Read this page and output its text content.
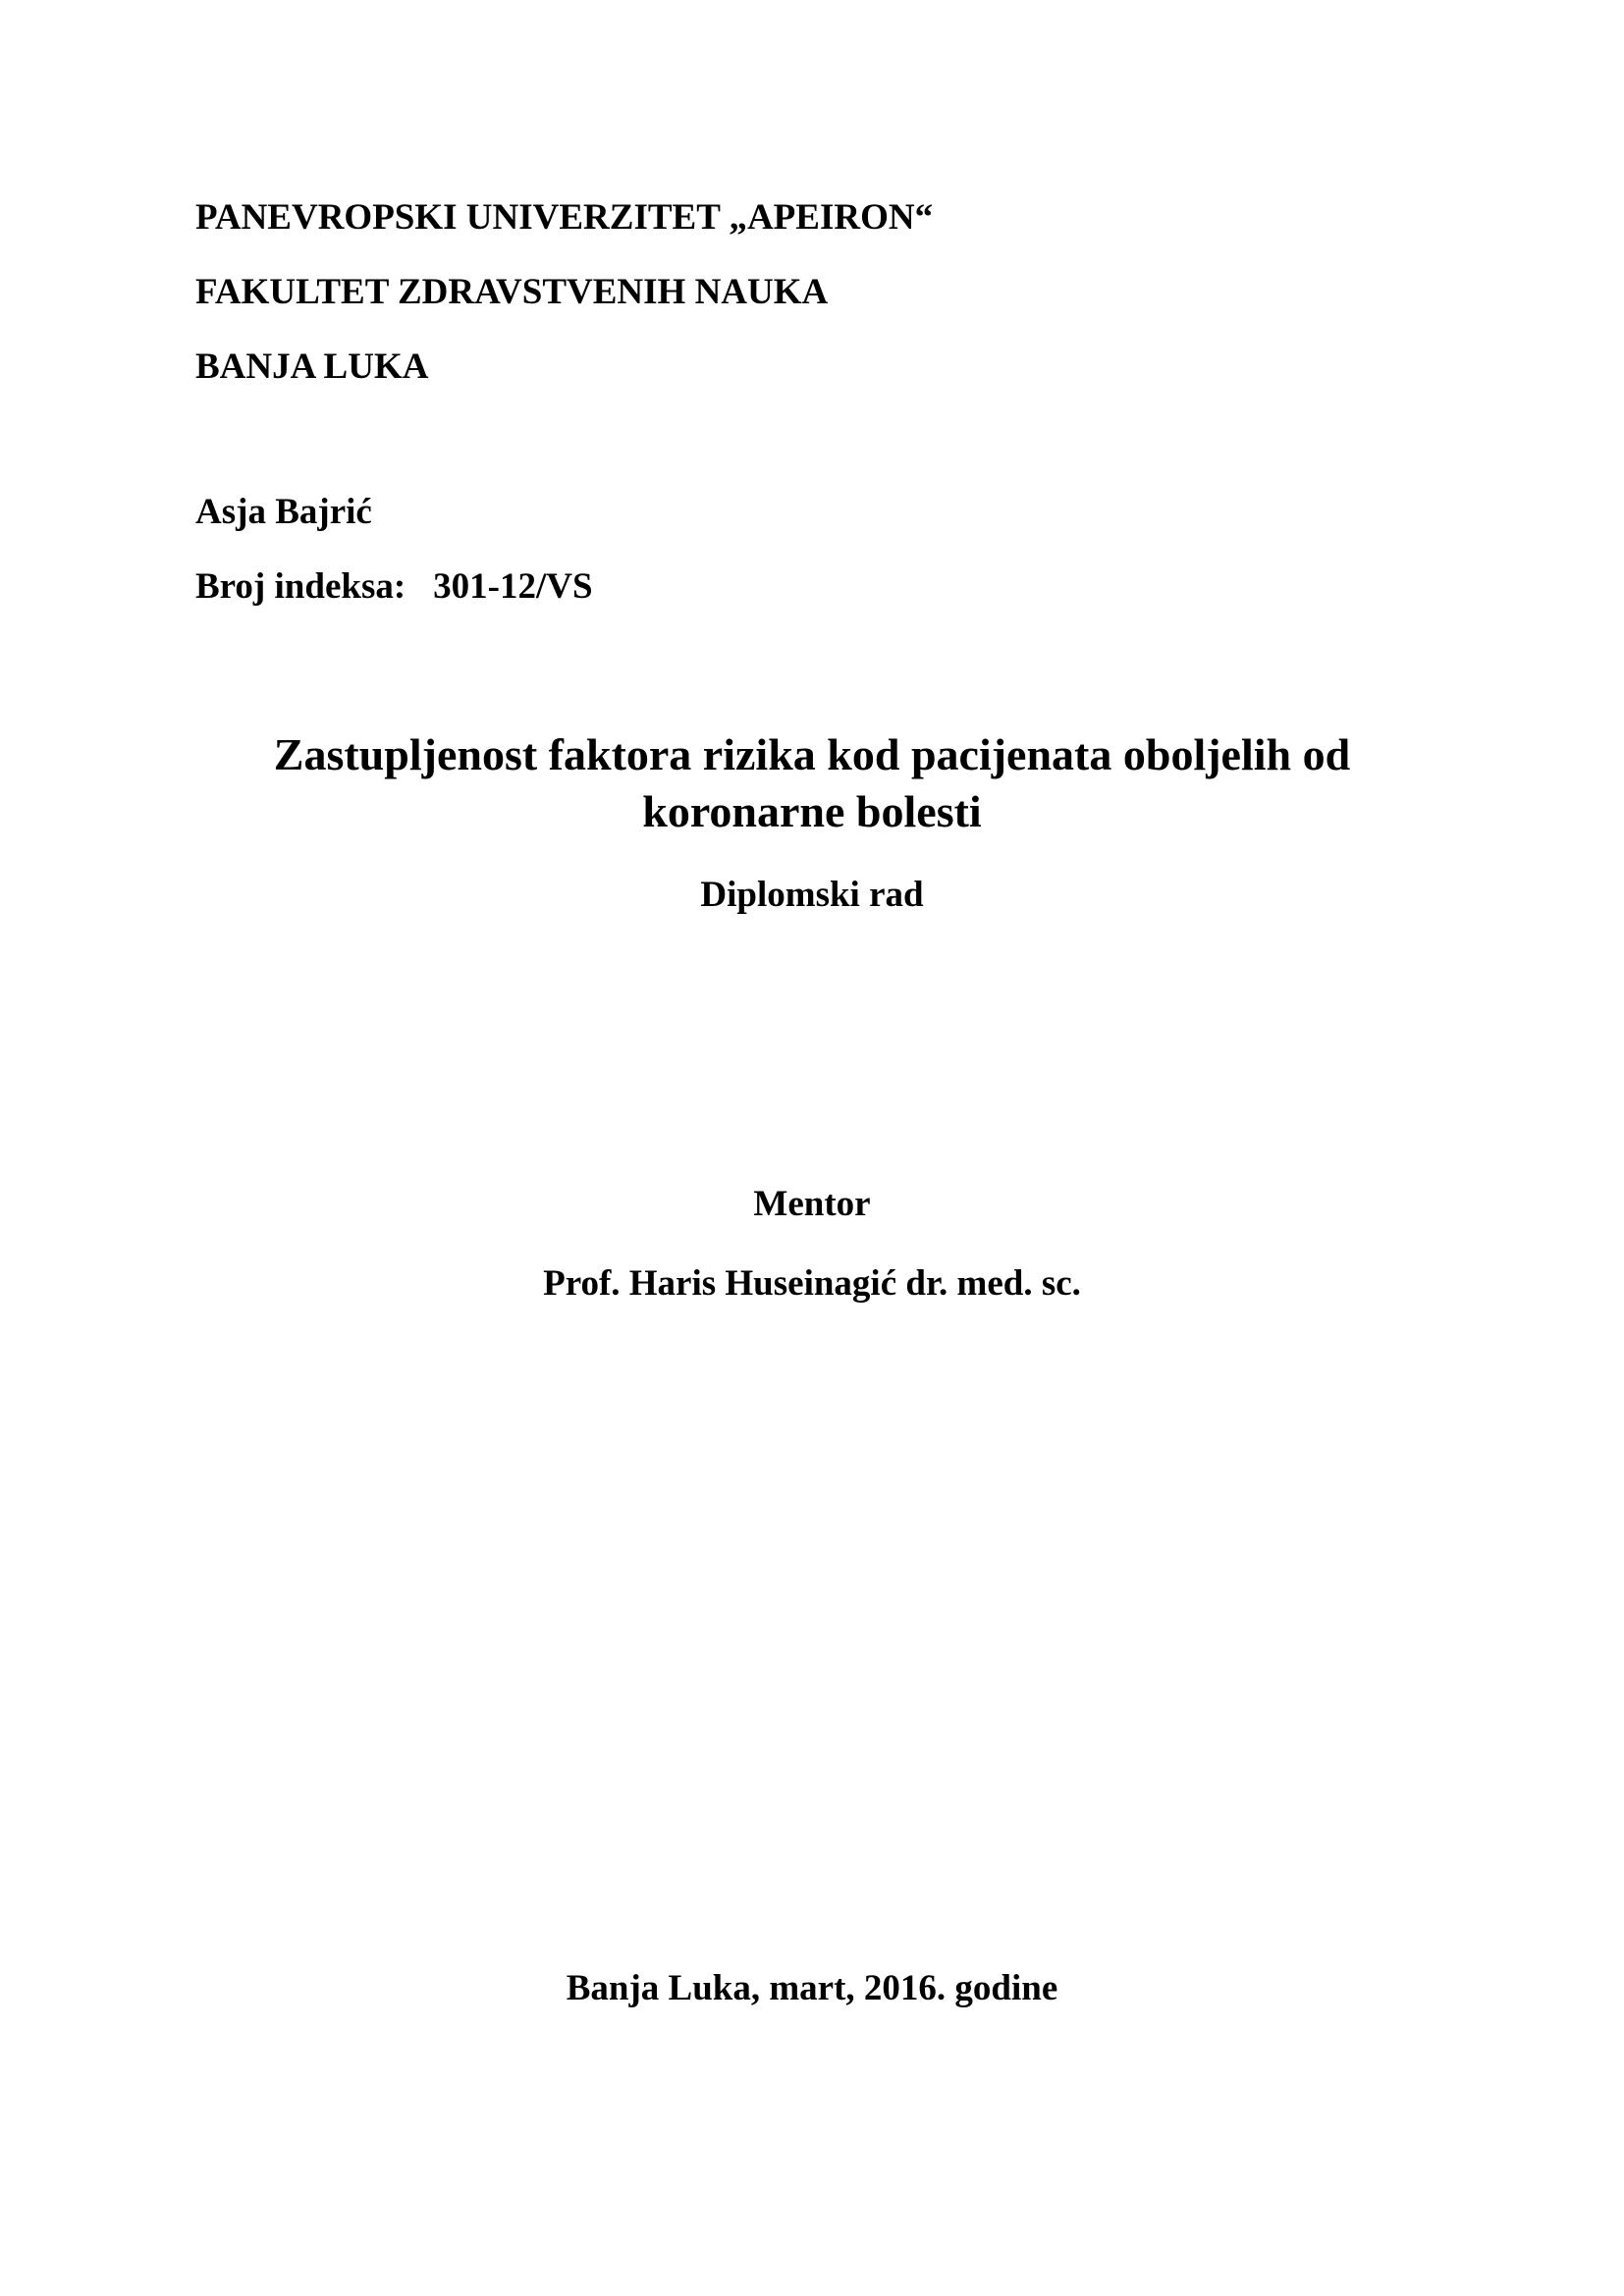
PANEVROPSKI UNIVERZITET „APEIRON“
FAKULTET ZDRAVSTVENIH NAUKA
BANJA LUKA
Asja Bajrić
Broj indeksa: 301-12/VS
Zastupljenost faktora rizika kod pacijenata oboljelih od
koronarne bolesti
Diplomski rad
Mentor
Prof. Haris Huseinagić dr. med. sc.
Banja Luka, mart, 2016. godine
